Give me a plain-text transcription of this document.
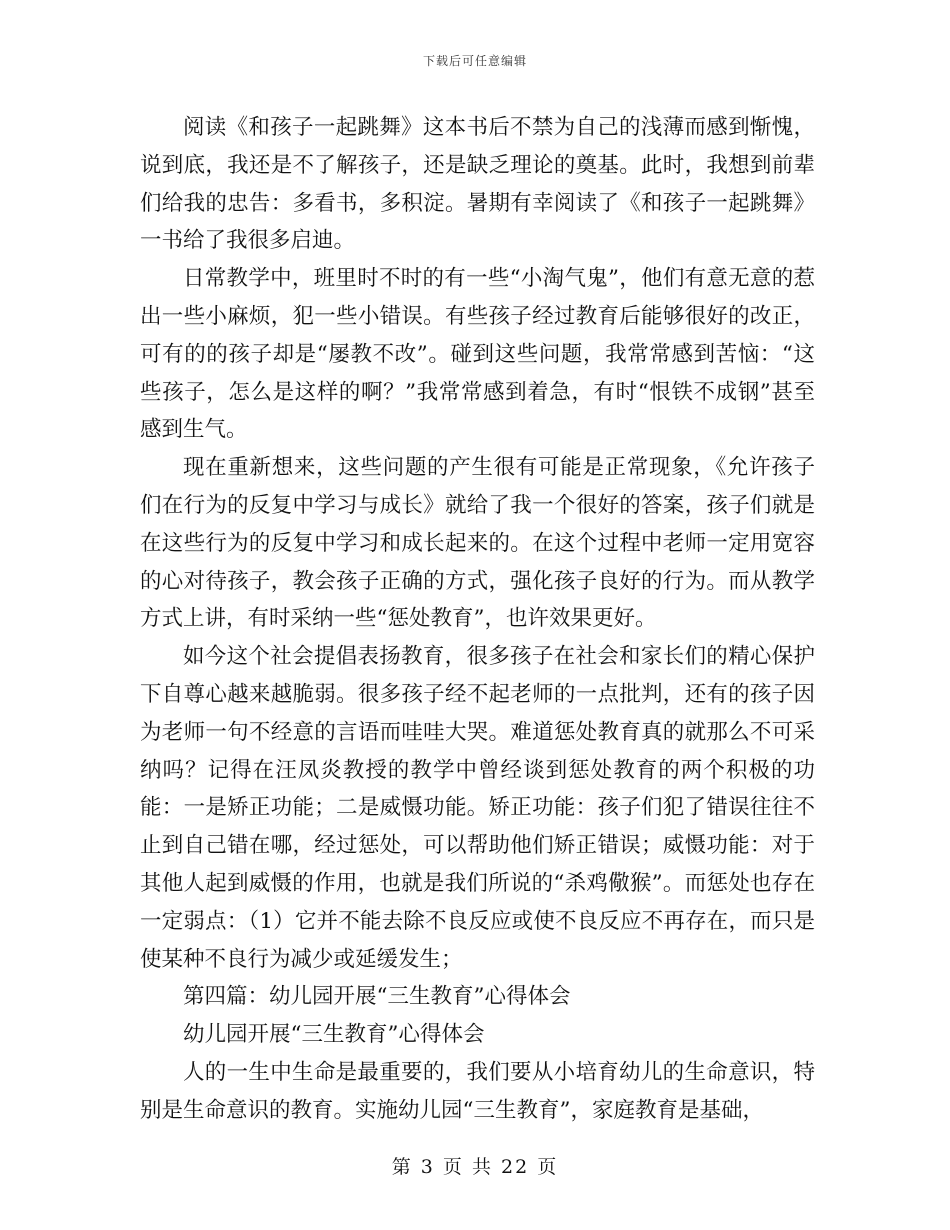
下载后可任意编辑

阅读《和孩子一起跳舞》这本书后不禁为自己的浅薄而感到惭愧，说到底，我还是不了解孩子，还是缺乏理论的奠基。此时，我想到前辈们给我的忠告：多看书，多积淀。暑期有幸阅读了《和孩子一起跳舞》一书给了我很多启迪。

日常教学中，班里时不时的有一些“小淘气鬼”，他们有意无意的惹出一些小麻烦，犯一些小错误。有些孩子经过教育后能够很好的改正，可有的的孩子却是“屡教不改”。碰到这些问题，我常常感到苦恼：“这些孩子，怎么是这样的啊？”我常常感到着急，有时“恨铁不成钢”甚至感到生气。

现在重新想来，这些问题的产生很有可能是正常现象，《允许孩子们在行为的反复中学习与成长》就给了我一个很好的答案，孩子们就是在这些行为的反复中学习和成长起来的。在这个过程中老师一定用宽容的心对待孩子，教会孩子正确的方式，强化孩子良好的行为。而从教学方式上讲，有时采纳一些“惩处教育”，也许效果更好。

如今这个社会提倡表扬教育，很多孩子在社会和家长们的精心保护下自尊心越来越脆弱。很多孩子经不起老师的一点批判，还有的孩子因为老师一句不经意的言语而哇哇大哭。难道惩处教育真的就那么不可采纳吗？记得在汪凤炎教授的教学中曾经谈到惩处教育的两个积极的功能：一是矫正功能；二是威慑功能。矫正功能：孩子们犯了错误往往不止到自己错在哪，经过惩处，可以帮助他们矫正错误；威慑功能：对于其他人起到威慑的作用，也就是我们所说的“杀鸡儆猴”。而惩处也存在一定弱点：（1）它并不能去除不良反应或使不良反应不再存在，而只是使某种不良行为减少或延缓发生；

第四篇：幼儿园开展“三生教育”心得体会

幼儿园开展“三生教育”心得体会

人的一生中生命是最重要的，我们要从小培育幼儿的生命意识，特别是生命意识的教育。实施幼儿园“三生教育”，家庭教育是基础，

第 3 页 共 22 页
